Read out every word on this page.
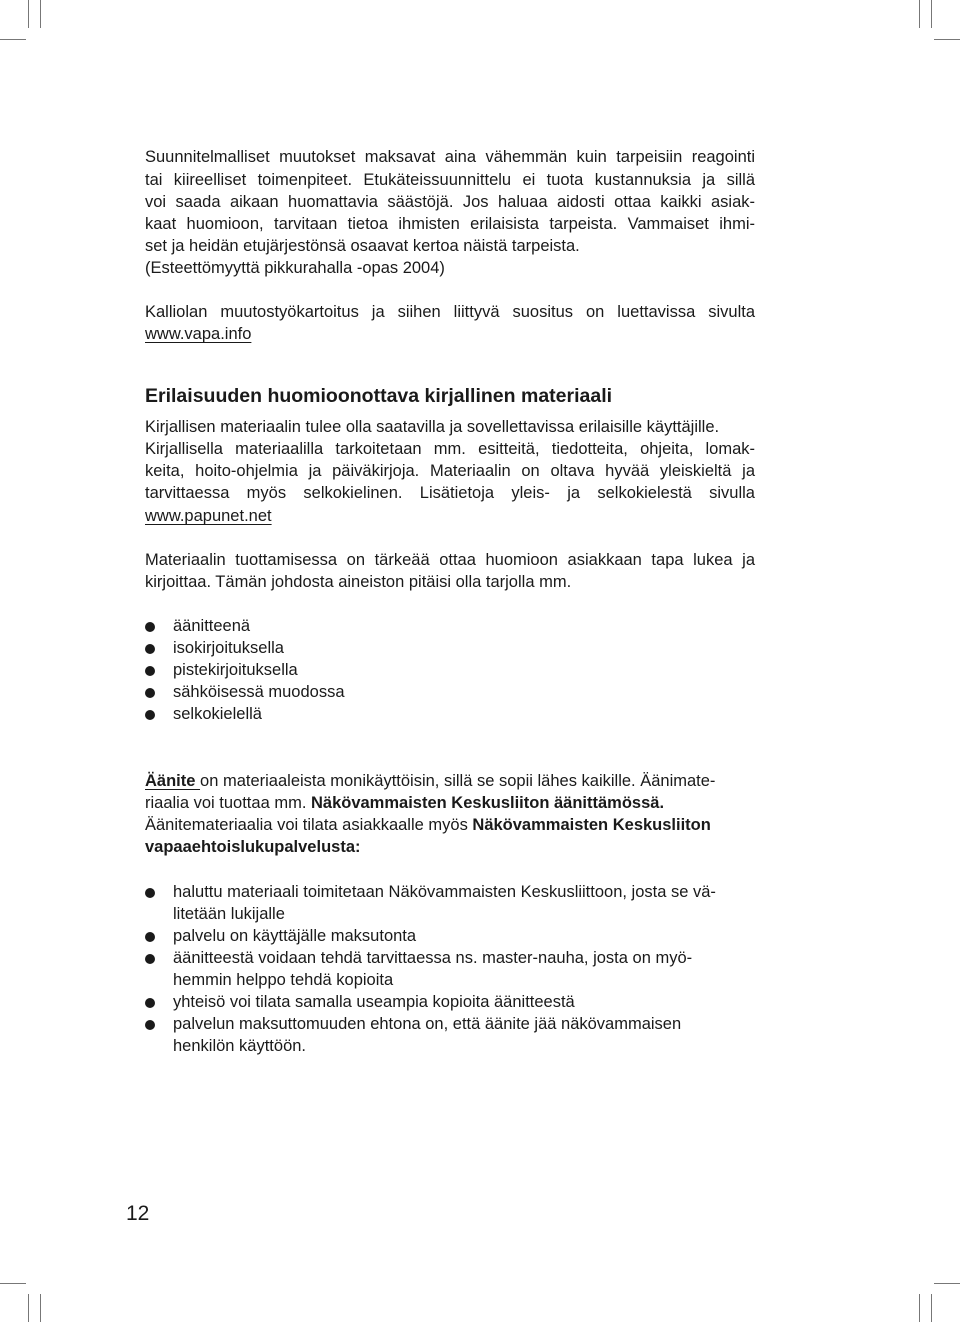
Suunnitelmalliset muutokset maksavat aina vähemmän kuin tarpeisiin reagointi
tai kiireelliset toimenpiteet. Etukäteissuunnittelu ei tuota kustannuksia ja sillä
voi saada aikaan huomattavia säästöjä. Jos haluaa aidosti ottaa kaikki asiak-
kaat huomioon, tarvitaan tietoa ihmisten erilaisista tarpeista. Vammaiset ihmi-
set ja heidän etujärjestönsä osaavat kertoa näistä tarpeista.
(Esteettömyyttä pikkurahalla -opas 2004)
Kalliolan muutostyökartoitus ja siihen liittyvä suositus on luettavissa sivulta
www.vapa.info
Erilaisuuden huomioonottava kirjallinen materiaali
Kirjallisen materiaalin tulee olla saatavilla ja sovellettavissa erilaisille käyttäjille.
Kirjallisella materiaalilla tarkoitetaan mm. esitteitä, tiedotteita, ohjeita, lomak-
keita, hoito-ohjelmia ja päiväkirjoja. Materiaalin on oltava hyvää yleiskieltä ja
tarvittaessa myös selkokielinen. Lisätietoja yleis- ja selkokielestä sivulla
www.papunet.net
Materiaalin tuottamisessa on tärkeää ottaa huomioon asiakkaan tapa lukea ja
kirjoittaa. Tämän johdosta aineiston pitäisi olla tarjolla mm.
äänitteenä
isokirjoituksella
pistekirjoituksella
sähköisessä muodossa
selkokielellä
Äänite on materiaaleista monikäyttöisin, sillä se sopii lähes kaikille. Äänimate-
riaalia voi tuottaa mm. Näkövammaisten Keskusliiton äänittämössä.
Äänitemateriaalia voi tilata asiakkaalle myös Näkövammaisten Keskusliiton
vapaaehtoislukupalvelusta:
haluttu materiaali toimitetaan Näkövammaisten Keskusliittoon, josta se vä-
litetään lukijalle
palvelu on käyttäjälle maksutonta
äänitteestä voidaan tehdä tarvittaessa ns. master-nauha, josta on myö-
hemmin helppo tehdä kopioita
yhteisö voi tilata samalla useampia kopioita äänitteestä
palvelun maksuttomuuden ehtona on, että äänite jää näkövammaisen
henkilön käyttöön.
12
